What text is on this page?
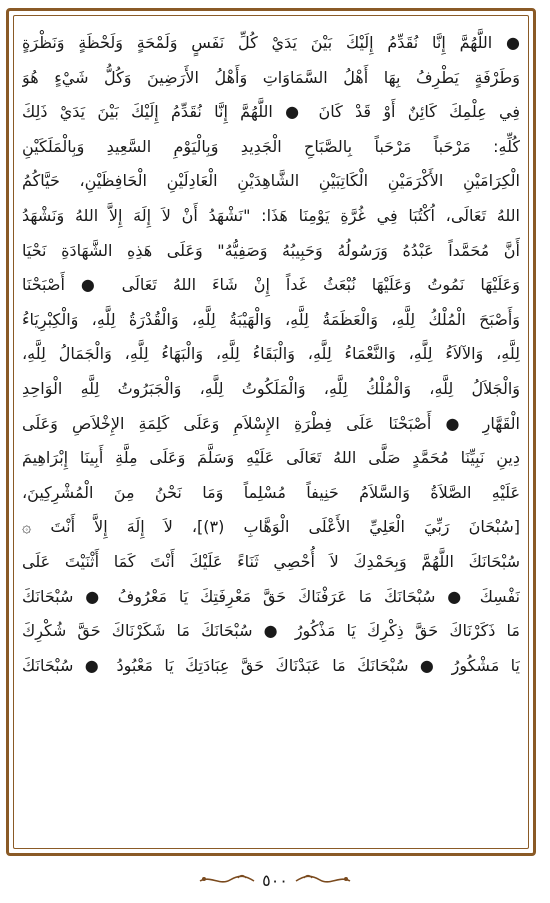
● اللَّهُمَّ إِنَّا نُقَدِّمُ إِلَيْكَ بَيْنَ يَدَيْ كُلِّ نَفَسٍ وَلَمْحَةٍ وَلَحْظَةٍ وَنَظْرَةٍ
وَطَرْفَةٍ يَطْرِفُ بِهَا أَهْلُ السَّمَاوَاتِ وَأَهْلُ الأَرَضِينَ وَكُلُّ شَيْءٍ هُوَ
فِي عِلْمِكَ كَائِنٌ أَوْ قَدْ كَانَ ● اللَّهُمَّ إِنَّا نُقَدِّمُ إِلَيْكَ بَيْنَ يَدَيْ ذَلِكَ
كُلِّهِ: مَرْحَباً مَرْحَباً بِالصَّبَاحِ الْجَدِيدِ وَبِالْيَوْمِ السَّعِيدِ وَبِالْمَلَكَيْنِ
الْكِرَامَيْنِ الأَكْرَمَيْنِ الْكَاتِبَيْنِ الشَّاهِدَيْنِ الْعَادِلَيْنِ الْحَافِظَيْنِ، حَيَّاكُمُ
اللهُ تَعَالَى، اُكْتُبَا فِي غُرَّةِ يَوْمِنَا هَذَا: "نَشْهَدُ أَنْ لاَ إِلَهَ إِلاَّ اللهُ وَنَشْهَدُ
أَنَّ مُحَمَّداً عَبْدُهُ وَرَسُولُهُ وَحَبِيبُهُ وَصَفِيُّهُ" وَعَلَى هَذِهِ الشَّهَادَةِ نَحْيَا
وَعَلَيْهَا نَمُوتُ وَعَلَيْهَا نُبْعَثُ غَداً إِنْ شَاءَ اللهُ تَعَالَى ● أَصْبَحْنَا
وَأَصْبَحَ الْمُلْكُ لِلَّهِ، وَالْعَظَمَةُ لِلَّهِ، وَالْهَيْبَةُ لِلَّهِ، وَالْقُدْرَةُ لِلَّهِ، وَالْكِبْرِيَاءُ
لِلَّهِ، وَالآلاَءُ لِلَّهِ، وَالنَّعْمَاءُ لِلَّهِ، وَالْبَقَاءُ لِلَّهِ، وَالْبَهَاءُ لِلَّهِ، وَالْجَمَالُ لِلَّهِ،
وَالْجَلاَلُ لِلَّهِ، وَالْمُلْكُ لِلَّهِ، وَالْمَلَكُوتُ لِلَّهِ، وَالْجَبَرُوتُ لِلَّهِ الْوَاحِدِ
الْقَهَّارِ ● أَصْبَحْنَا عَلَى فِطْرَةِ الإِسْلاَمِ وَعَلَى كَلِمَةِ الإِخْلاَصِ وَعَلَى
دِينِ نَبِيِّنَا مُحَمَّدٍ صَلَّى اللهُ تَعَالَى عَلَيْهِ وَسَلَّمَ وَعَلَى مِلَّةِ أَبِينَا إِبْرَاهِيمَ
عَلَيْهِ الصَّلاَةُ وَالسَّلاَمُ حَنِيفاً مُسْلِماً وَمَا نَحْنُ مِنَ الْمُشْرِكِينَ،
[سُبْحَانَ رَبِّيَ الْعَلِيِّ الأَعْلَى الْوَهَّابِ (٣)]، لاَ إِلَهَ إِلاَّ أَنْتَ ۞
سُبْحَانَكَ اللَّهُمَّ وَبِحَمْدِكَ لاَ أُحْصِي ثَنَاءً عَلَيْكَ أَنْتَ كَمَا أَثْنَيْتَ عَلَى
نَفْسِكَ ● سُبْحَانَكَ مَا عَرَفْنَاكَ حَقَّ مَعْرِفَتِكَ يَا مَعْرُوفُ ● سُبْحَانَكَ
مَا ذَكَرْنَاكَ حَقَّ ذِكْرِكَ يَا مَذْكُورُ ● سُبْحَانَكَ مَا شَكَرْنَاكَ حَقَّ شُكْرِكَ
يَا مَشْكُورُ ● سُبْحَانَكَ مَا عَبَدْنَاكَ حَقَّ عِبَادَتِكَ يَا مَعْبُودُ ● سُبْحَانَكَ
٥٠٠
